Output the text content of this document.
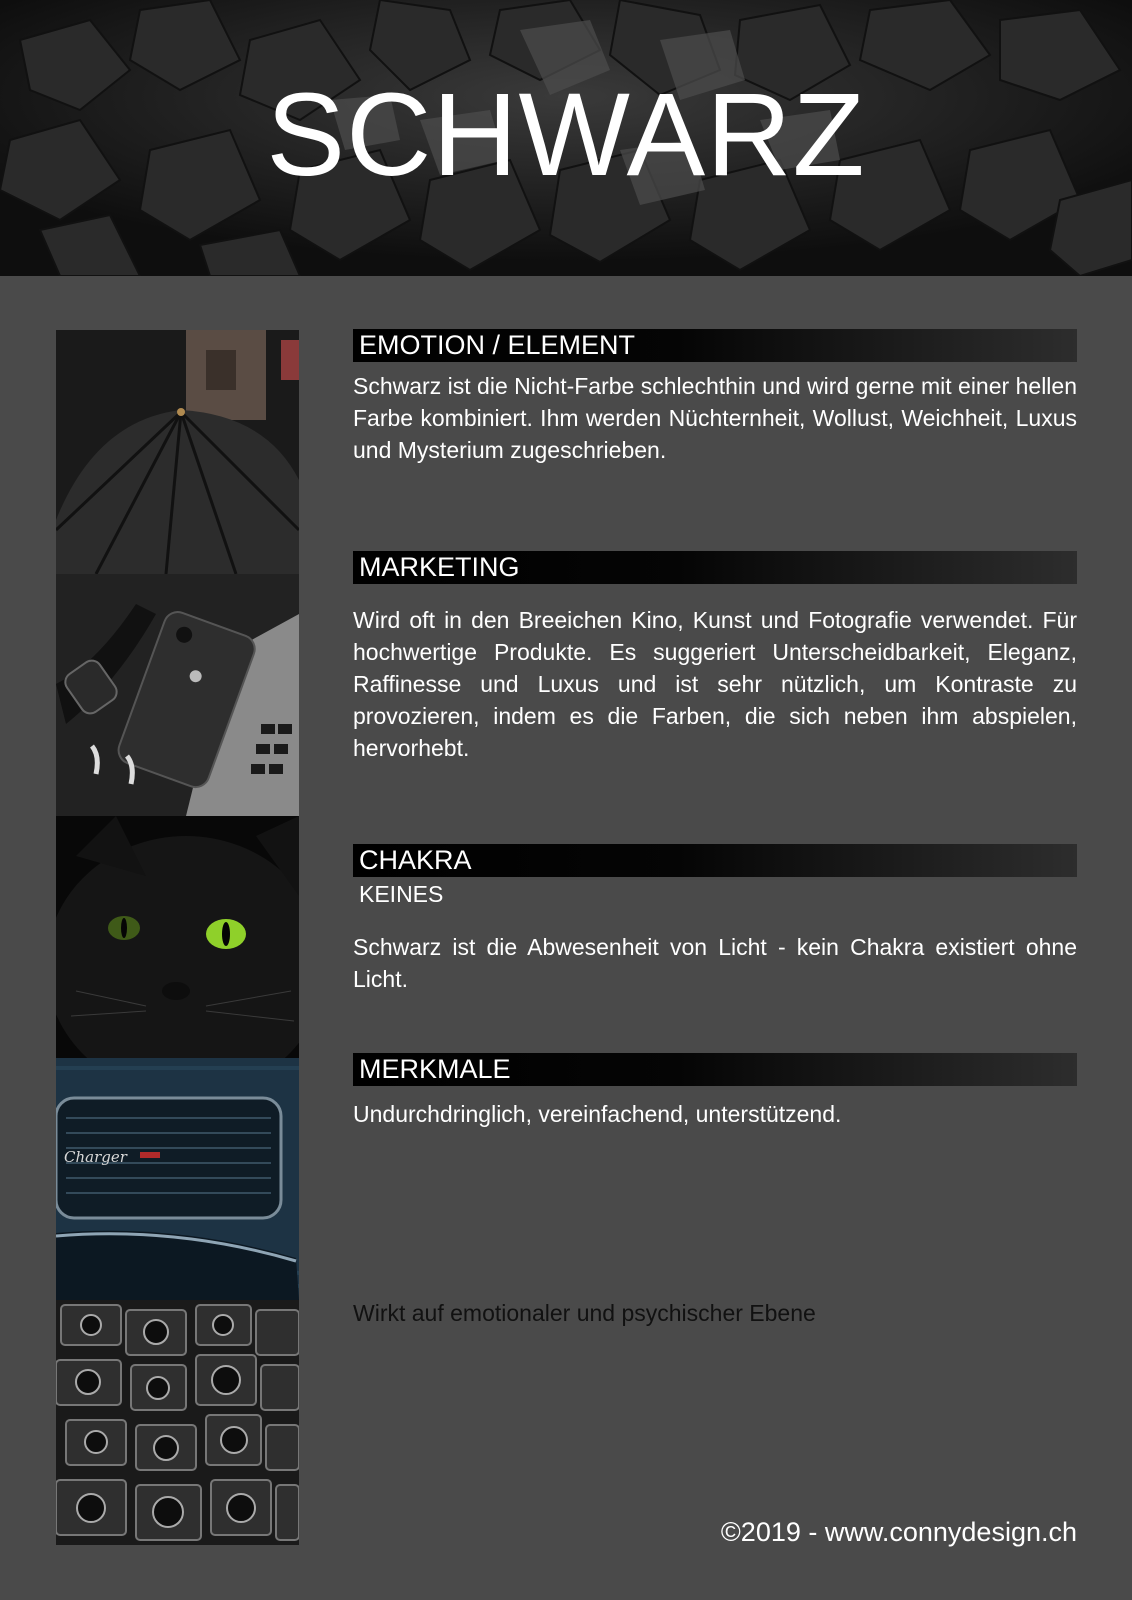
SCHWARZ
Charger
EMOTION / ELEMENT

Schwarz ist die Nicht-Farbe schlechthin und wird gerne mit einer hellen Farbe kombiniert. Ihm werden Nüchternheit, Wollust, Weichheit, Luxus und Mysterium zugeschrieben.

MARKETING

Wird oft in den Breeichen Kino, Kunst und Fotografie verwendet. Für hochwertige Produkte. Es suggeriert Unterscheidbarkeit, Eleganz, Raffinesse und Luxus und ist sehr nützlich, um Kontraste zu provozieren, indem es die Farben, die sich neben ihm abspielen, hervorhebt.

CHAKRA
KEINES

Schwarz ist die Abwesenheit von Licht - kein Chakra existiert ohne Licht.

MERKMALE

Undurchdringlich, vereinfachend, unterstützend.

Wirkt auf emotionaler und psychischer Ebene
©2019 - www.connydesign.ch
